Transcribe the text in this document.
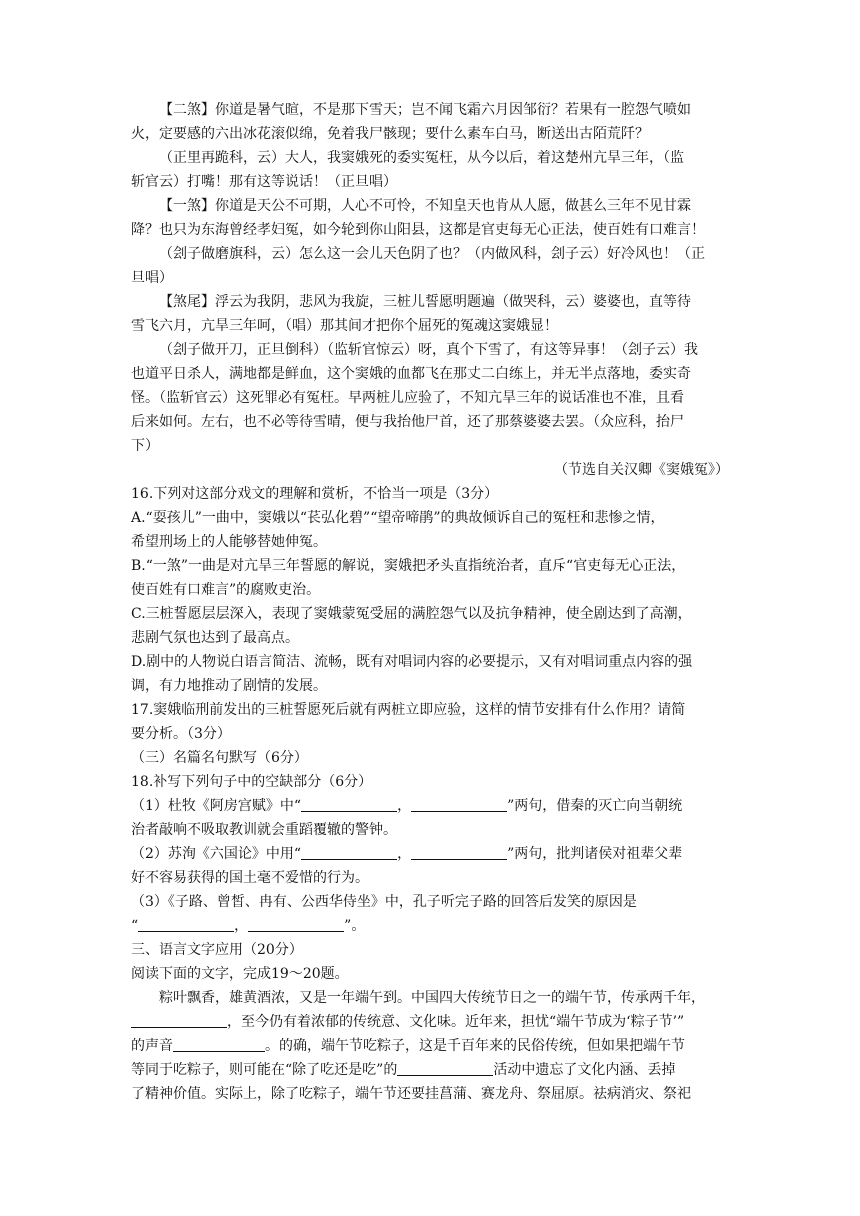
【二煞】你道是暑气暄，不是那下雪天；岂不闻飞霜六月因邹衍？若果有一腔怨气喷如
火，定要感的六出冰花滚似绵，免着我尸骸现；要什么素车白马，断送出古陌荒阡？
（正里再跪科，云）大人，我窦娥死的委实冤枉，从今以后，着这楚州亢旱三年，（监
斩官云）打嘴！那有这等说话！（正旦唱）
【一煞】你道是天公不可期，人心不可怜，不知皇天也肯从人愿，做甚么三年不见甘霖
降？也只为东海曾经孝妇冤，如今轮到你山阳县，这都是官吏每无心正法，使百姓有口难言！
（刽子做磨旗科，云）怎么这一会儿天色阴了也？（内做风科，刽子云）好冷风也！（正
旦唱）
【煞尾】浮云为我阴，悲风为我旋，三桩儿誓愿明题遍（做哭科，云）婆婆也，直等待
雪飞六月，亢旱三年呵，（唱）那其间才把你个屈死的冤魂这窦娥显！
（刽子做开刀，正旦倒科）（监斩官惊云）呀，真个下雪了，有这等异事！（刽子云）我
也道平日杀人，满地都是鲜血，这个窦娥的血都飞在那丈二白练上，并无半点落地，委实奇
怪。（监斩官云）这死罪必有冤枉。早两桩儿应验了，不知亢旱三年的说话准也不准，且看
后来如何。左右，也不必等待雪晴，便与我抬他尸首，还了那蔡婆婆去罢。（众应科，抬尸
下）
（节选自关汉卿《窦娥冤》）
16.下列对这部分戏文的理解和赏析，不恰当一项是（3分）
A.“耍孩儿”一曲中，窦娥以“苌弘化碧”“望帝啼鹃”的典故倾诉自己的冤枉和悲惨之情，
希望刑场上的人能够替她伸冤。
B.“一煞”一曲是对亢旱三年誓愿的解说，窦娥把矛头直指统治者，直斥“官吏每无心正法，
使百姓有口难言”的腐败吏治。
C.三桩誓愿层层深入，表现了窦娥蒙冤受屈的满腔怨气以及抗争精神，使全剧达到了高潮，
悲剧气氛也达到了最高点。
D.剧中的人物说白语言简洁、流畅，既有对唱词内容的必要提示，又有对唱词重点内容的强
调，有力地推动了剧情的发展。
17.窦娥临刑前发出的三桩誓愿死后就有两桩立即应验，这样的情节安排有什么作用？请简
要分析。（3分）
（三）名篇名句默写（6分）
18.补写下列句子中的空缺部分（6分）
（1）杜牧《阿房宫赋》中“	，	”两句，借秦的灭亡向当朝统
治者敲响不吸取教训就会重蹈覆辙的警钟。
（2）苏洵《六国论》中用“	，	”两句，批判诸侯对祖辈父辈
好不容易获得的国土毫不爱惜的行为。
（3）《子路、曾皙、冉有、公西华侍坐》中，孔子听完子路的回答后发笑的原因是
“	，	”。
三、语言文字应用（20分）
阅读下面的文字，完成19～20题。
粽叶飘香，雄黄酒浓，又是一年端午到。中国四大传统节日之一的端午节，传承两千年，
，至今仍有着浓郁的传统意、文化味。近年来，担忧“端午节成为‘粽子节’”
的声音	。的确，端午节吃粽子，这是千百年来的民俗传统，但如果把端午节
等同于吃粽子，则可能在“除了吃还是吃”的	活动中遗忘了文化内涵、丢掉
了精神价值。实际上，除了吃粽子，端午节还要挂菖蒲、赛龙舟、祭屈原。祛病消灾、祭祀
